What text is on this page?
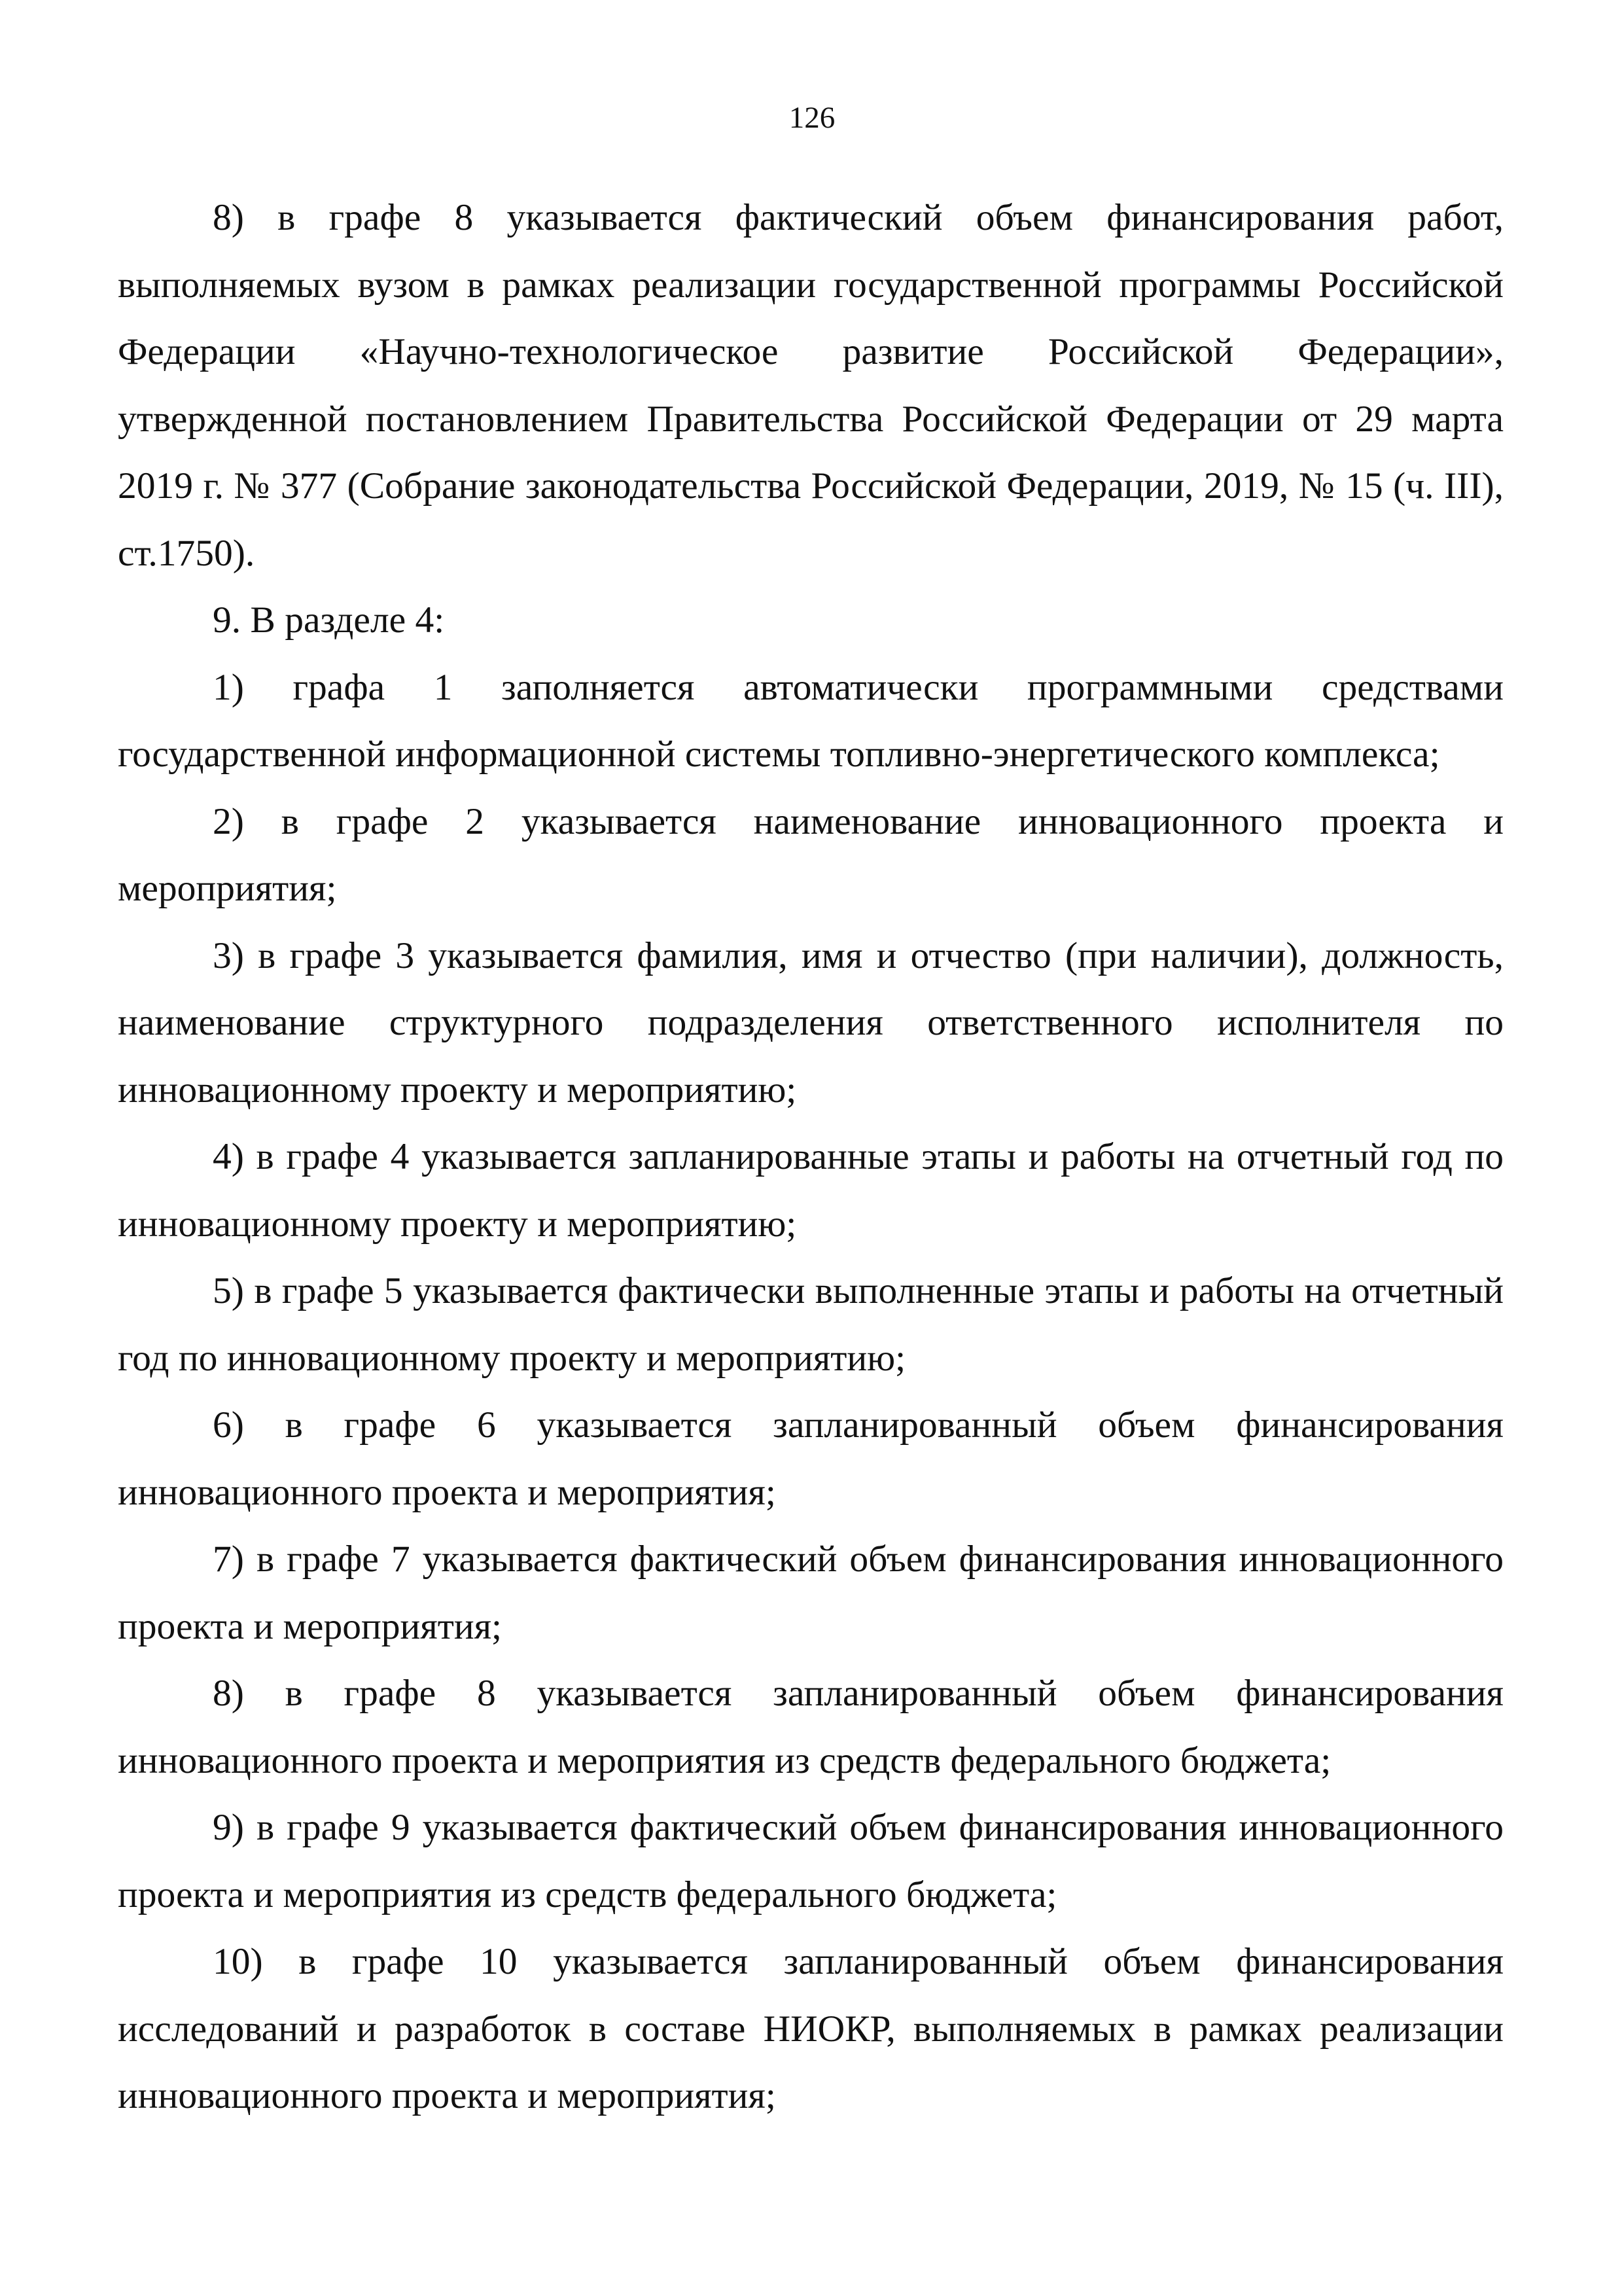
126

8) в графе 8 указывается фактический объем финансирования работ, выполняемых вузом в рамках реализации государственной программы Российской Федерации «Научно-технологическое развитие Российской Федерации», утвержденной постановлением Правительства Российской Федерации от 29 марта 2019 г. № 377 (Собрание законодательства Российской Федерации, 2019, № 15 (ч. III), ст.1750).

9. В разделе 4:

1) графа 1 заполняется автоматически программными средствами государственной информационной системы топливно-энергетического комплекса;

2) в графе 2 указывается наименование инновационного проекта и мероприятия;

3) в графе 3 указывается фамилия, имя и отчество (при наличии), должность, наименование структурного подразделения ответственного исполнителя по инновационному проекту и мероприятию;

4) в графе 4 указывается запланированные этапы и работы на отчетный год по инновационному проекту и мероприятию;

5) в графе 5 указывается фактически выполненные этапы и работы на отчетный год по инновационному проекту и мероприятию;

6) в графе 6 указывается запланированный объем финансирования инновационного проекта и мероприятия;

7) в графе 7 указывается фактический объем финансирования инновационного проекта и мероприятия;

8) в графе 8 указывается запланированный объем финансирования инновационного проекта и мероприятия из средств федерального бюджета;

9) в графе 9 указывается фактический объем финансирования инновационного проекта и мероприятия из средств федерального бюджета;

10) в графе 10 указывается запланированный объем финансирования исследований и разработок в составе НИОКР, выполняемых в рамках реализации инновационного проекта и мероприятия;
